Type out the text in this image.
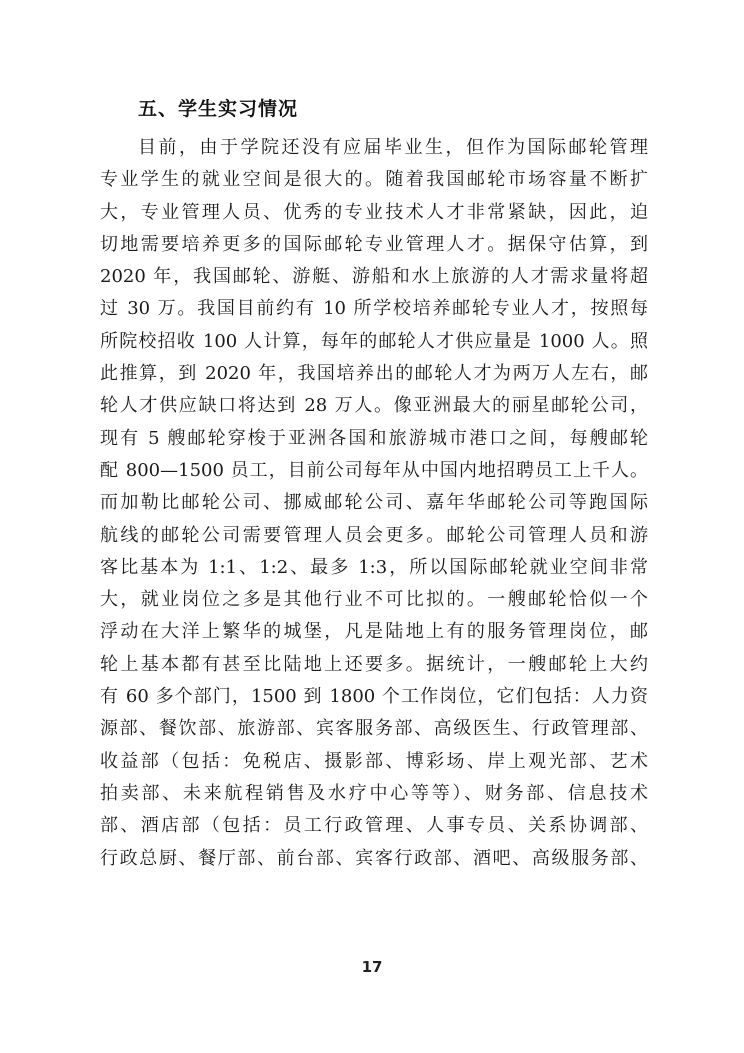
五、学生实习情况
目前，由于学院还没有应届毕业生，但作为国际邮轮管理
专业学生的就业空间是很大的。随着我国邮轮市场容量不断扩
大，专业管理人员、优秀的专业技术人才非常紧缺，因此，迫
切地需要培养更多的国际邮轮专业管理人才。据保守估算，到
2020 年，我国邮轮、游艇、游船和水上旅游的人才需求量将超
过 30 万。我国目前约有 10 所学校培养邮轮专业人才，按照每
所院校招收 100 人计算，每年的邮轮人才供应量是 1000 人。照
此推算，到 2020 年，我国培养出的邮轮人才为两万人左右，邮
轮人才供应缺口将达到 28 万人。像亚洲最大的丽星邮轮公司，
现有 5 艘邮轮穿梭于亚洲各国和旅游城市港口之间，每艘邮轮
配 800—1500 员工，目前公司每年从中国内地招聘员工上千人。
而加勒比邮轮公司、挪威邮轮公司、嘉年华邮轮公司等跑国际
航线的邮轮公司需要管理人员会更多。邮轮公司管理人员和游
客比基本为 1:1、1:2、最多 1:3，所以国际邮轮就业空间非常
大，就业岗位之多是其他行业不可比拟的。一艘邮轮恰似一个
浮动在大洋上繁华的城堡，凡是陆地上有的服务管理岗位，邮
轮上基本都有甚至比陆地上还要多。据统计，一艘邮轮上大约
有 60 多个部门，1500 到 1800 个工作岗位，它们包括：人力资
源部、餐饮部、旅游部、宾客服务部、高级医生、行政管理部、
收益部（包括：免税店、摄影部、博彩场、岸上观光部、艺术
拍卖部、未来航程销售及水疗中心等等）、财务部、信息技术
部、酒店部（包括：员工行政管理、人事专员、关系协调部、
行政总厨、餐厅部、前台部、宾客行政部、酒吧、高级服务部、
17
